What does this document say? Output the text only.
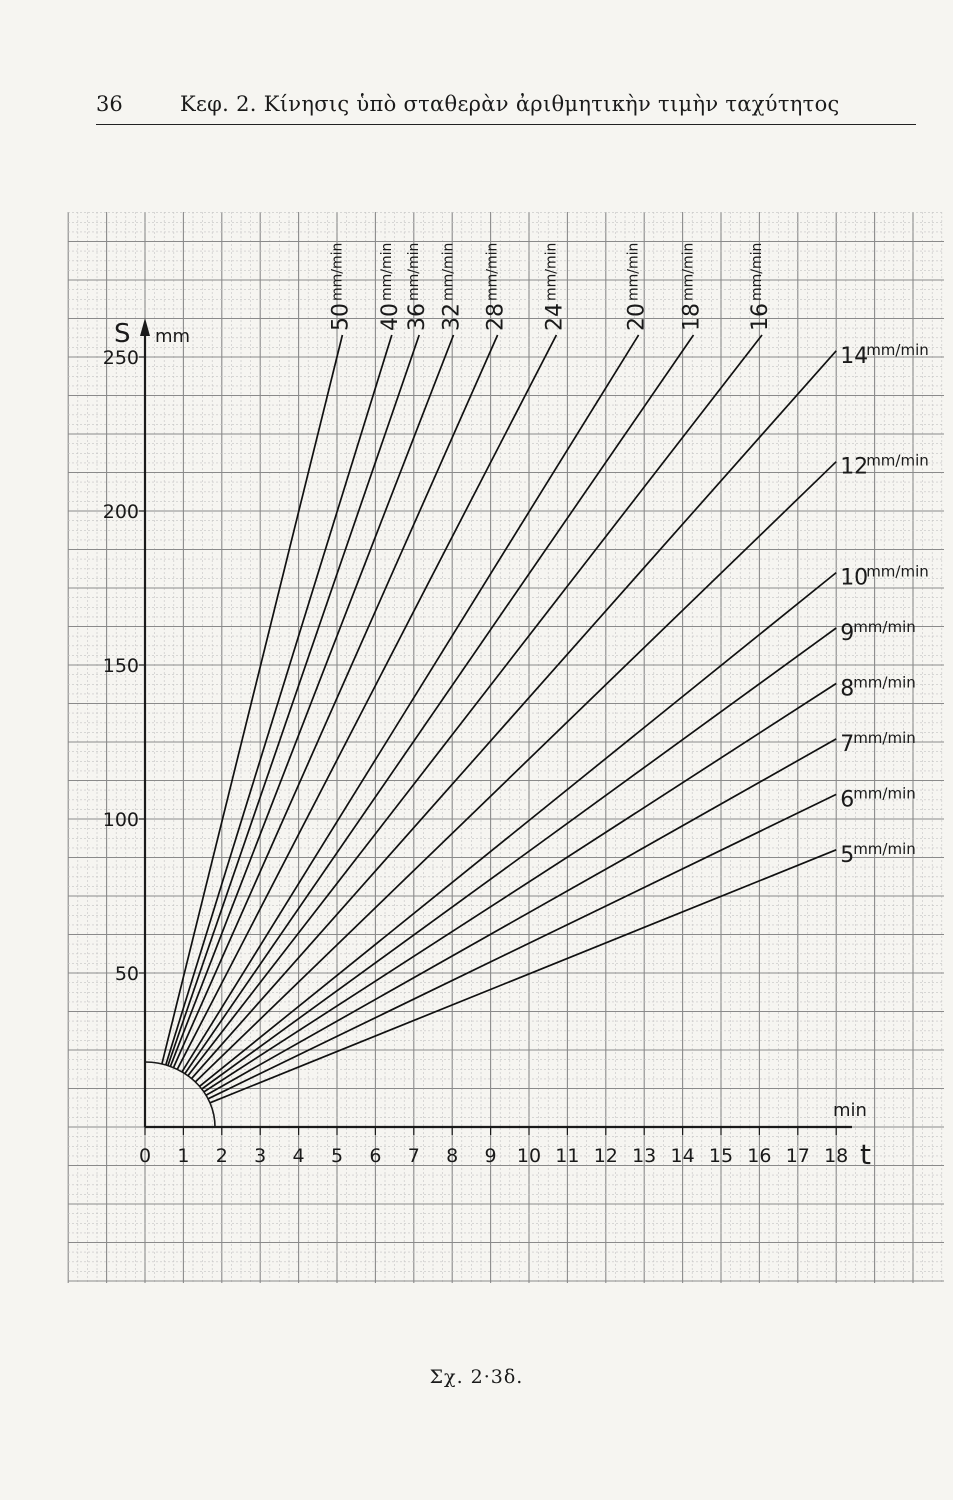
36	Κεφ. 2. Κίνησις ὑπὸ σταθερὰν ἀριθμητικὴν τιμὴν ταχύτητος
S mm
t
min
0 1 2 3 4 5 6 7 8 9 10 11 12 13 14 15 16 17 18
50
100
150
200
250
50
mm/min
40
mm/min
36
mm/min
32
mm/min
28
mm/min
24
mm/min
20
mm/min
18
mm/min
16
mm/min
14
mm/min
12
mm/min
10
mm/min
9 mm/min
8 mm/min
7 mm/min
6 mm/min
5 mm/min
Σχ. 2·3δ.
